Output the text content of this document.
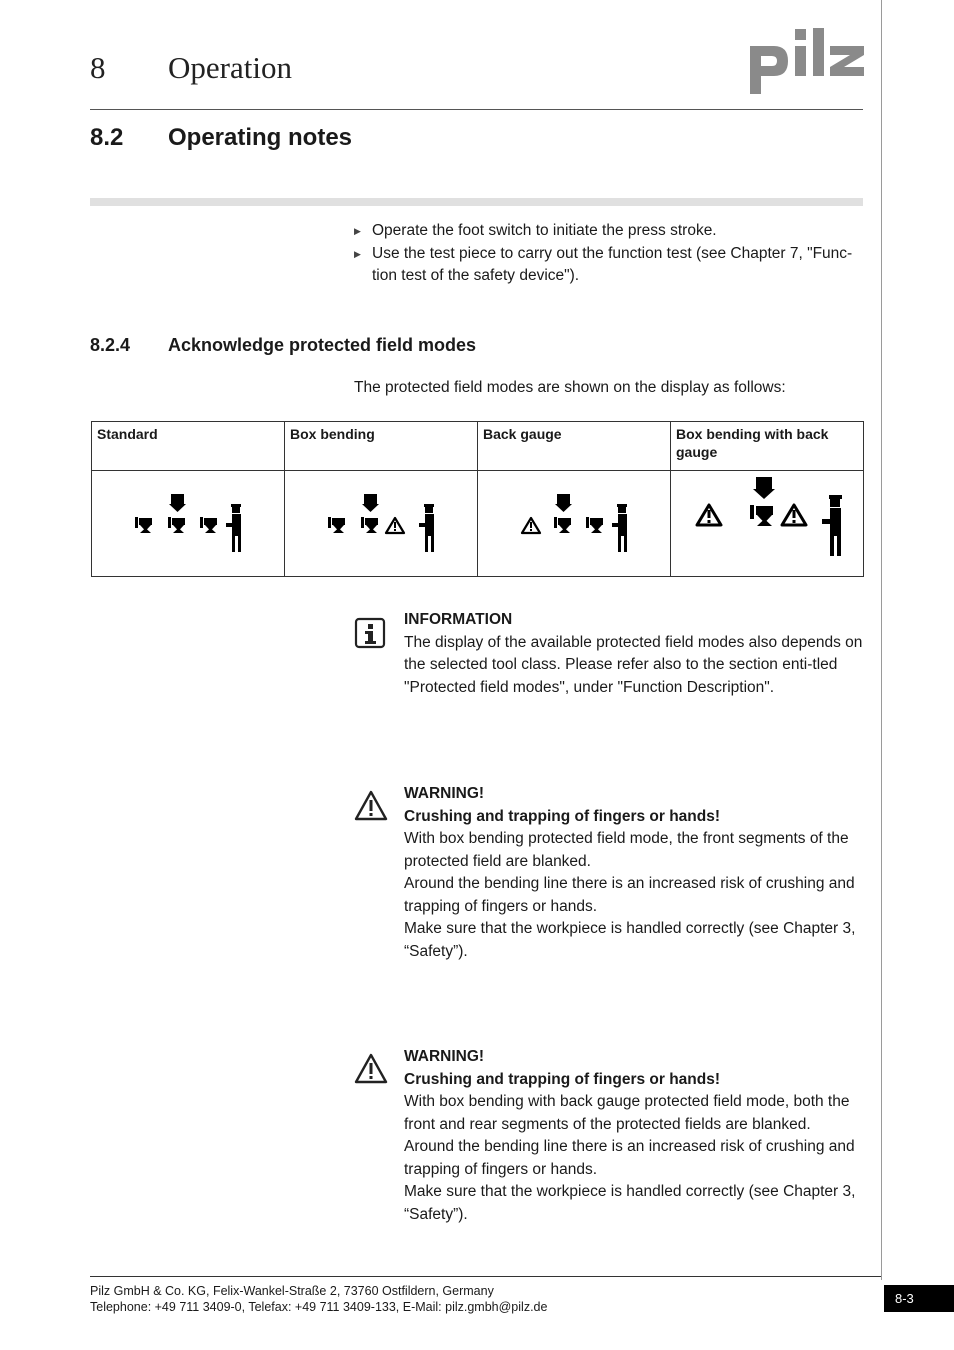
8 Operation
8.2 Operating notes
▶ Operate the foot switch to initiate the press stroke.
▶ Use the test piece to carry out the function test (see Chapter 7, "Func-tion test of the safety device").
8.2.4 Acknowledge protected field modes
The protected field modes are shown on the display as follows:
Standard	Box bending	Back gauge	Box bending with back gauge

INFORMATION
The display of the available protected field modes also depends on the selected tool class. Please refer also to the section enti-tled "Protected field modes", under "Function Description".
WARNING!
Crushing and trapping of fingers or hands!
With box bending protected field mode, the front segments of the protected field are blanked.
Around the bending line there is an increased risk of crushing and trapping of fingers or hands.
Make sure that the workpiece is handled correctly (see Chapter 3, “Safety”).
WARNING!
Crushing and trapping of fingers or hands!
With box bending with back gauge protected field mode, both the front and rear segments of the protected fields are blanked.
Around the bending line there is an increased risk of crushing and trapping of fingers or hands.
Make sure that the workpiece is handled correctly (see Chapter 3, “Safety”).
Pilz GmbH & Co. KG, Felix-Wankel-Straße 2, 73760 Ostfildern, Germany
Telephone: +49 711 3409-0, Telefax: +49 711 3409-133, E-Mail: pilz.gmbh@pilz.de
8-3
